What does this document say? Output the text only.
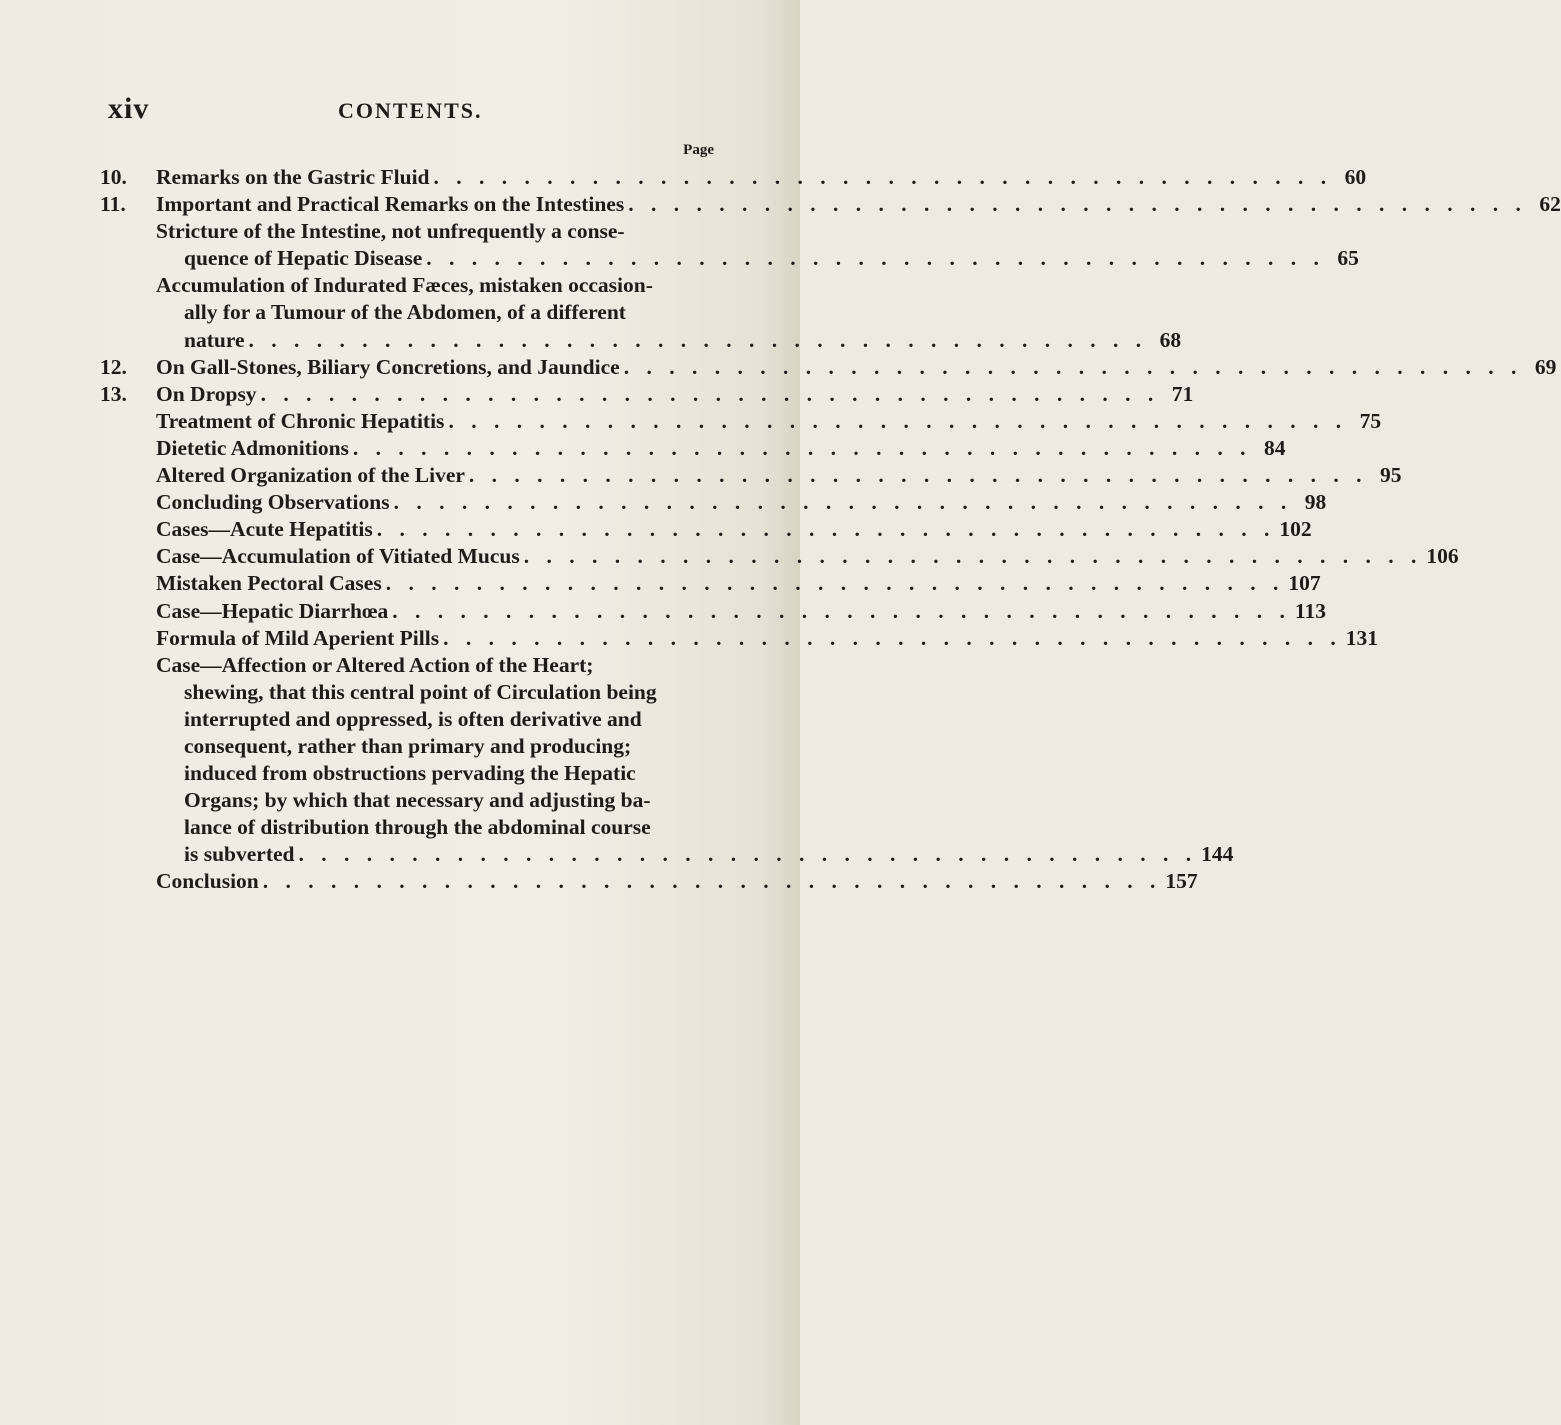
xiv	CONTENTS.
Page
10. Remarks on the Gastric Fluid . . . . . . . . . . . . . . . . . . . . . . . . . . . . . . . . . . . . . . . . 60
11. Important and Practical Remarks on the Intestines . . . . . . . . . . . . . . . . . . . . . . . . . . . . . . . . . . . . . . . . 62
Stricture of the Intestine, not unfrequently a conse-
quence of Hepatic Disease . . . . . . . . . . . . . . . . . . . . . . . . . . . . . . . . . . . . . . . . 65
Accumulation of Indurated Fæces, mistaken occasion-
ally for a Tumour of the Abdomen, of a different
nature . . . . . . . . . . . . . . . . . . . . . . . . . . . . . . . . . . . . . . . . 68
12. On Gall-Stones, Biliary Concretions, and Jaundice . . . . . . . . . . . . . . . . . . . . . . . . . . . . . . . . . . . . . . . . 69
13. On Dropsy . . . . . . . . . . . . . . . . . . . . . . . . . . . . . . . . . . . . . . . . 71
Treatment of Chronic Hepatitis . . . . . . . . . . . . . . . . . . . . . . . . . . . . . . . . . . . . . . . . 75
Dietetic Admonitions . . . . . . . . . . . . . . . . . . . . . . . . . . . . . . . . . . . . . . . . 84
Altered Organization of the Liver . . . . . . . . . . . . . . . . . . . . . . . . . . . . . . . . . . . . . . . . 95
Concluding Observations . . . . . . . . . . . . . . . . . . . . . . . . . . . . . . . . . . . . . . . . 98
Cases—Acute Hepatitis . . . . . . . . . . . . . . . . . . . . . . . . . . . . . . . . . . . . . . . . 102
Case—Accumulation of Vitiated Mucus . . . . . . . . . . . . . . . . . . . . . . . . . . . . . . . . . . . . . . . . 106
Mistaken Pectoral Cases . . . . . . . . . . . . . . . . . . . . . . . . . . . . . . . . . . . . . . . . 107
Case—Hepatic Diarrhœa . . . . . . . . . . . . . . . . . . . . . . . . . . . . . . . . . . . . . . . . 113
Formula of Mild Aperient Pills . . . . . . . . . . . . . . . . . . . . . . . . . . . . . . . . . . . . . . . . 131
Case—Affection or Altered Action of the Heart;
shewing, that this central point of Circulation being
interrupted and oppressed, is often derivative and
consequent, rather than primary and producing;
induced from obstructions pervading the Hepatic
Organs; by which that necessary and adjusting ba-
lance of distribution through the abdominal course
is subverted . . . . . . . . . . . . . . . . . . . . . . . . . . . . . . . . . . . . . . . . 144
Conclusion . . . . . . . . . . . . . . . . . . . . . . . . . . . . . . . . . . . . . . . . 157
